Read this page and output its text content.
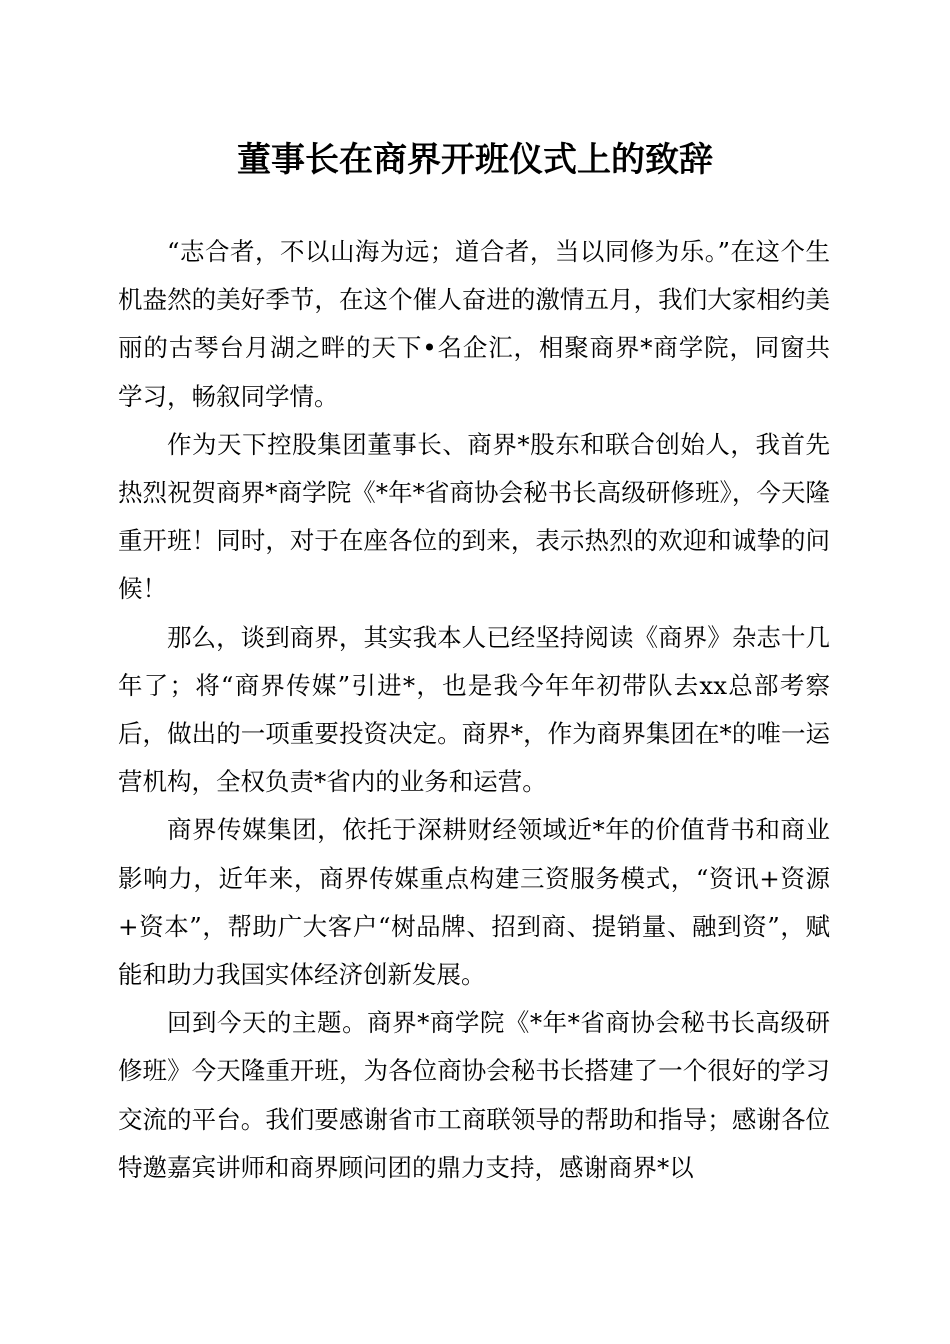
董事长在商界开班仪式上的致辞

“志合者，不以山海为远；道合者，当以同修为乐。”在这个生机盎然的美好季节，在这个催人奋进的激情五月，我们大家相约美丽的古琴台月湖之畔的天下•名企汇，相聚商界*商学院，同窗共学习，畅叙同学情。

作为天下控股集团董事长、商界*股东和联合创始人，我首先热烈祝贺商界*商学院《*年*省商协会秘书长高级研修班》，今天隆重开班！同时，对于在座各位的到来，表示热烈的欢迎和诚挚的问候！

那么，谈到商界，其实我本人已经坚持阅读《商界》杂志十几年了；将“商界传媒”引进*，也是我今年年初带队去xx总部考察后，做出的一项重要投资决定。商界*，作为商界集团在*的唯一运营机构，全权负责*省内的业务和运营。

商界传媒集团，依托于深耕财经领域近*年的价值背书和商业影响力，近年来，商界传媒重点构建三资服务模式，“资讯+资源+资本”，帮助广大客户“树品牌、招到商、提销量、融到资”，赋能和助力我国实体经济创新发展。

回到今天的主题。商界*商学院《*年*省商协会秘书长高级研修班》今天隆重开班，为各位商协会秘书长搭建了一个很好的学习交流的平台。我们要感谢省市工商联领导的帮助和指导；感谢各位特邀嘉宾讲师和商界顾问团的鼎力支持，感谢商界*以
